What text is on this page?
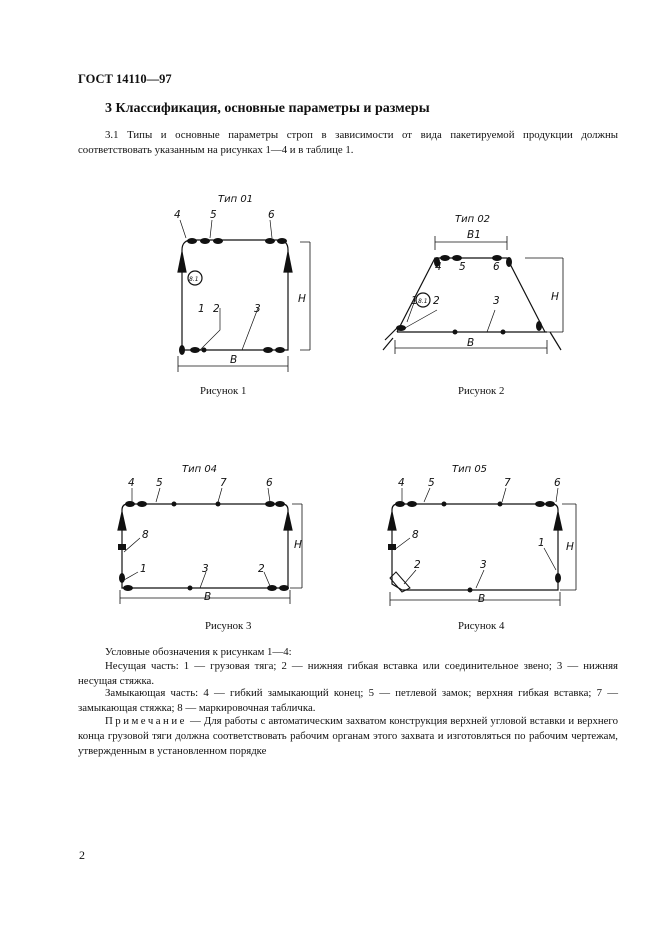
ГОСТ 14110—97
3 Классификация, основные параметры и размеры
3.1 Типы и основные параметры строп в зависимости от вида пакетируемой продукции должны соответствовать указанным на рисунках 1—4 и в таблице 1.
Тип 01
4	5	6
1 2	3
8.1
B
H
Рисунок 1
Тип 02
B1
4 5	6
1 2	3
8.1
B
H
Рисунок 2
Тип 04
4 5	7	6
8
1	3	2
B
H
Рисунок 3
Тип 05
4 5	7	6
8
1
2	3
B
H
Рисунок 4
Условные обозначения к рисункам 1—4:
Несущая часть: 1 — грузовая тяга; 2 — нижняя гибкая вставка или соединительное звено; 3 — нижняя несущая стяжка.
Замыкающая часть: 4 — гибкий замыкающий конец; 5 — петлевой замок; верхняя гибкая вставка; 7 — замыкающая стяжка; 8 — маркировочная табличка.
Примечание — Для работы с автоматическим захватом конструкция верхней угловой вставки и верхнего конца грузовой тяги должна соответствовать рабочим органам этого захвата и изготовляться по рабочим чертежам, утвержденным в установленном порядке
2
